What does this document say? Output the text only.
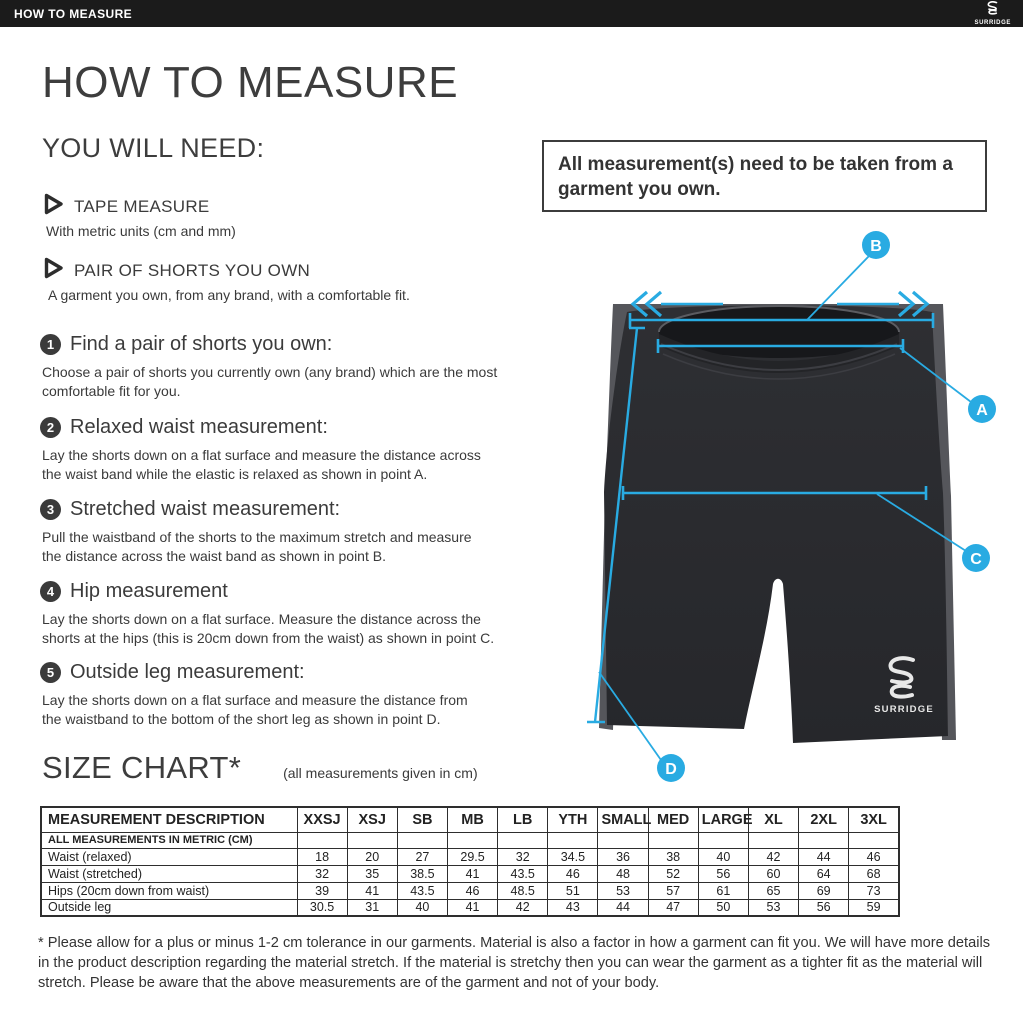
HOW TO MEASURE
SURRIDGE
HOW TO MEASURE
YOU WILL NEED:
TAPE MEASURE
With metric units (cm and mm)
PAIR OF SHORTS YOU OWN
A garment you own, from any brand, with a comfortable fit.
1 Find a pair of shorts you own:
Choose a pair of shorts you currently own (any brand) which are the most comfortable fit for you.
2 Relaxed waist measurement:
Lay the shorts down on a flat surface and measure the distance across the waist band while the elastic is relaxed as shown in point A.
3 Stretched waist measurement:
Pull the waistband of the shorts to the maximum stretch and measure the distance across the waist band as shown in point B.
4 Hip measurement
Lay the shorts down on a flat surface. Measure the distance across the shorts at the hips (this is 20cm down from the waist) as shown in point C.
5 Outside leg measurement:
Lay the shorts down on a flat surface and measure the distance from the waistband to the bottom of the short leg as shown in point D.
All measurement(s) need to be taken from a garment you own.
SURRIDGE
B
A
C
D
SIZE CHART*	(all measurements given in cm)
MEASUREMENT DESCRIPTION	XXSJ	XSJ	SB	MB	LB	YTH	SMALL	MED	LARGE	XL	2XL	3XL
ALL MEASUREMENTS IN METRIC (CM)												
Waist (relaxed)	18	20	27	29.5	32	34.5	36	38	40	42	44	46
Waist (stretched)	32	35	38.5	41	43.5	46	48	52	56	60	64	68
Hips (20cm down from waist)	39	41	43.5	46	48.5	51	53	57	61	65	69	73
Outside leg	30.5	31	40	41	42	43	44	47	50	53	56	59
* Please allow for a plus or minus 1-2 cm tolerance in our garments. Material is also a factor in how a garment can fit you. We will have more details in the product description regarding the material stretch. If the material is stretchy then you can wear the garment as a tighter fit as the material will stretch. Please be aware that the above measurements are of the garment and not of your body.
